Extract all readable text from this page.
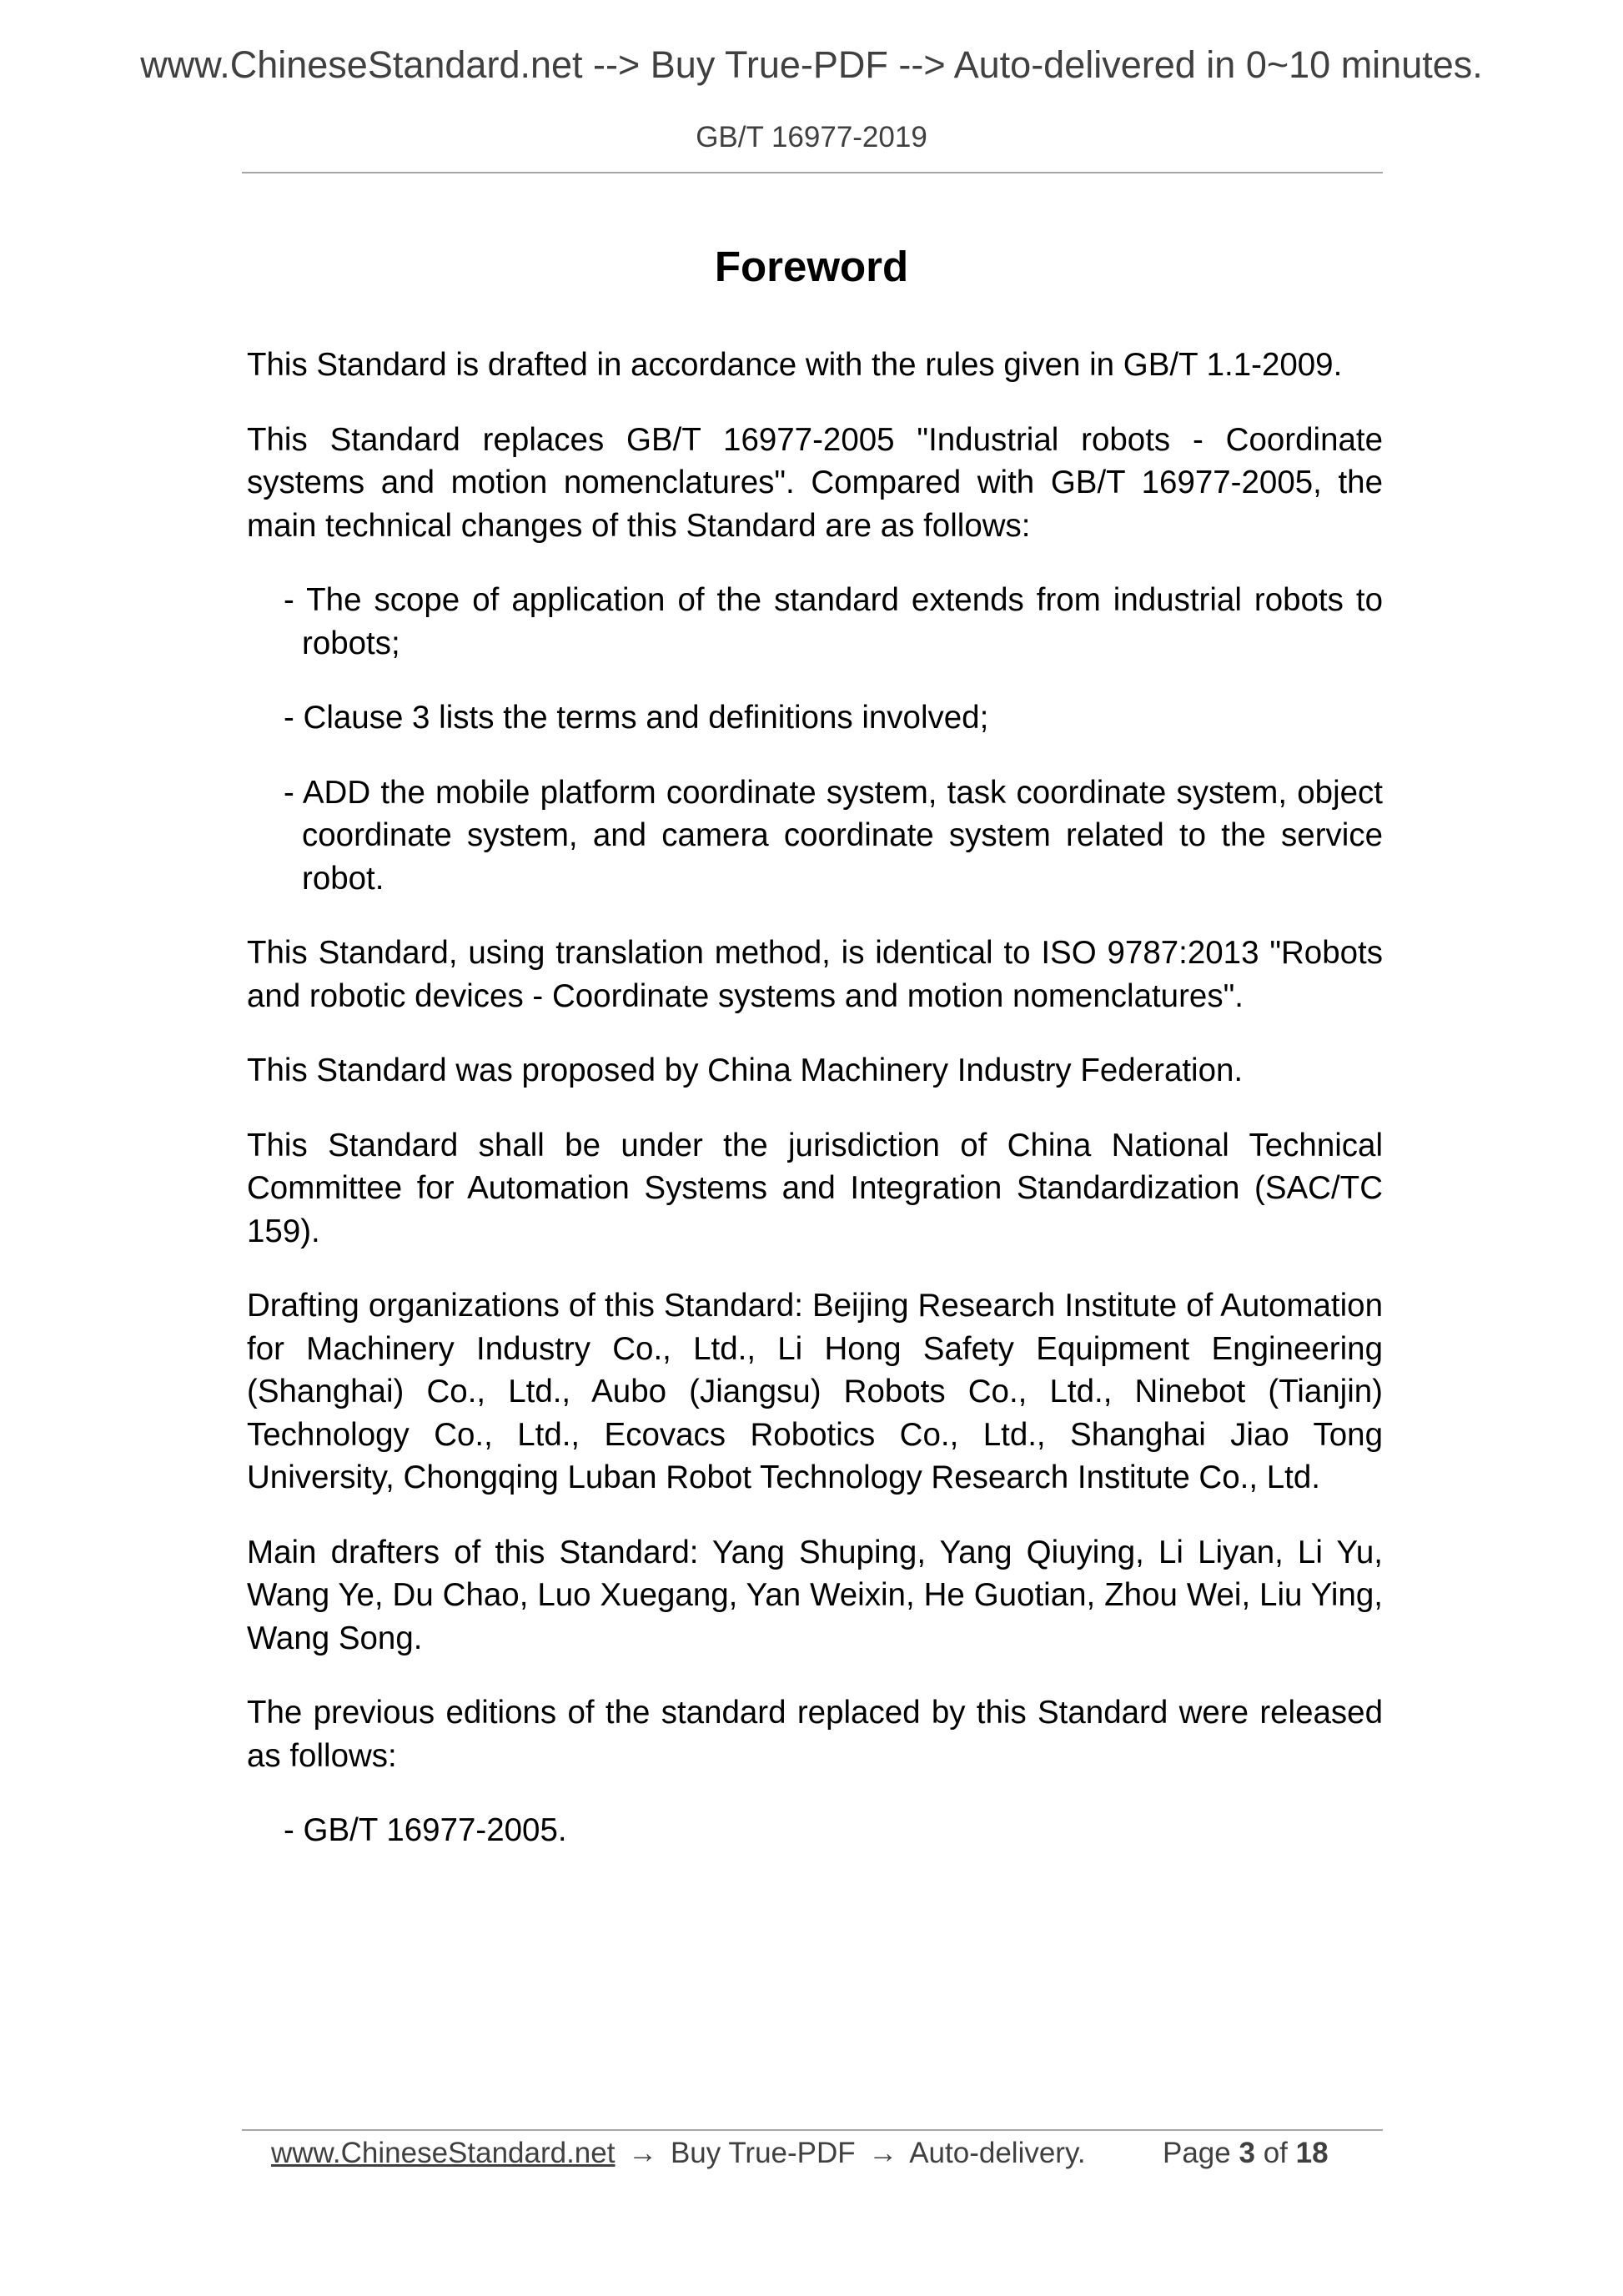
www.ChineseStandard.net --> Buy True-PDF --> Auto-delivered in 0~10 minutes.
GB/T 16977-2019
Foreword

This Standard is drafted in accordance with the rules given in GB/T 1.1-2009.

This Standard replaces GB/T 16977-2005 "Industrial robots - Coordinate systems and motion nomenclatures". Compared with GB/T 16977-2005, the main technical changes of this Standard are as follows:

- The scope of application of the standard extends from industrial robots to robots;

- Clause 3 lists the terms and definitions involved;

- ADD the mobile platform coordinate system, task coordinate system, object coordinate system, and camera coordinate system related to the service robot.

This Standard, using translation method, is identical to ISO 9787:2013 "Robots and robotic devices - Coordinate systems and motion nomenclatures".

This Standard was proposed by China Machinery Industry Federation.

This Standard shall be under the jurisdiction of China National Technical Committee for Automation Systems and Integration Standardization (SAC/TC 159).

Drafting organizations of this Standard: Beijing Research Institute of Automation for Machinery Industry Co., Ltd., Li Hong Safety Equipment Engineering (Shanghai) Co., Ltd., Aubo (Jiangsu) Robots Co., Ltd., Ninebot (Tianjin) Technology Co., Ltd., Ecovacs Robotics Co., Ltd., Shanghai Jiao Tong University, Chongqing Luban Robot Technology Research Institute Co., Ltd.

Main drafters of this Standard: Yang Shuping, Yang Qiuying, Li Liyan, Li Yu, Wang Ye, Du Chao, Luo Xuegang, Yan Weixin, He Guotian, Zhou Wei, Liu Ying, Wang Song.

The previous editions of the standard replaced by this Standard were released as follows:

- GB/T 16977-2005.

www.ChineseStandard.net → Buy True-PDF → Auto-delivery.	Page 3 of 18
